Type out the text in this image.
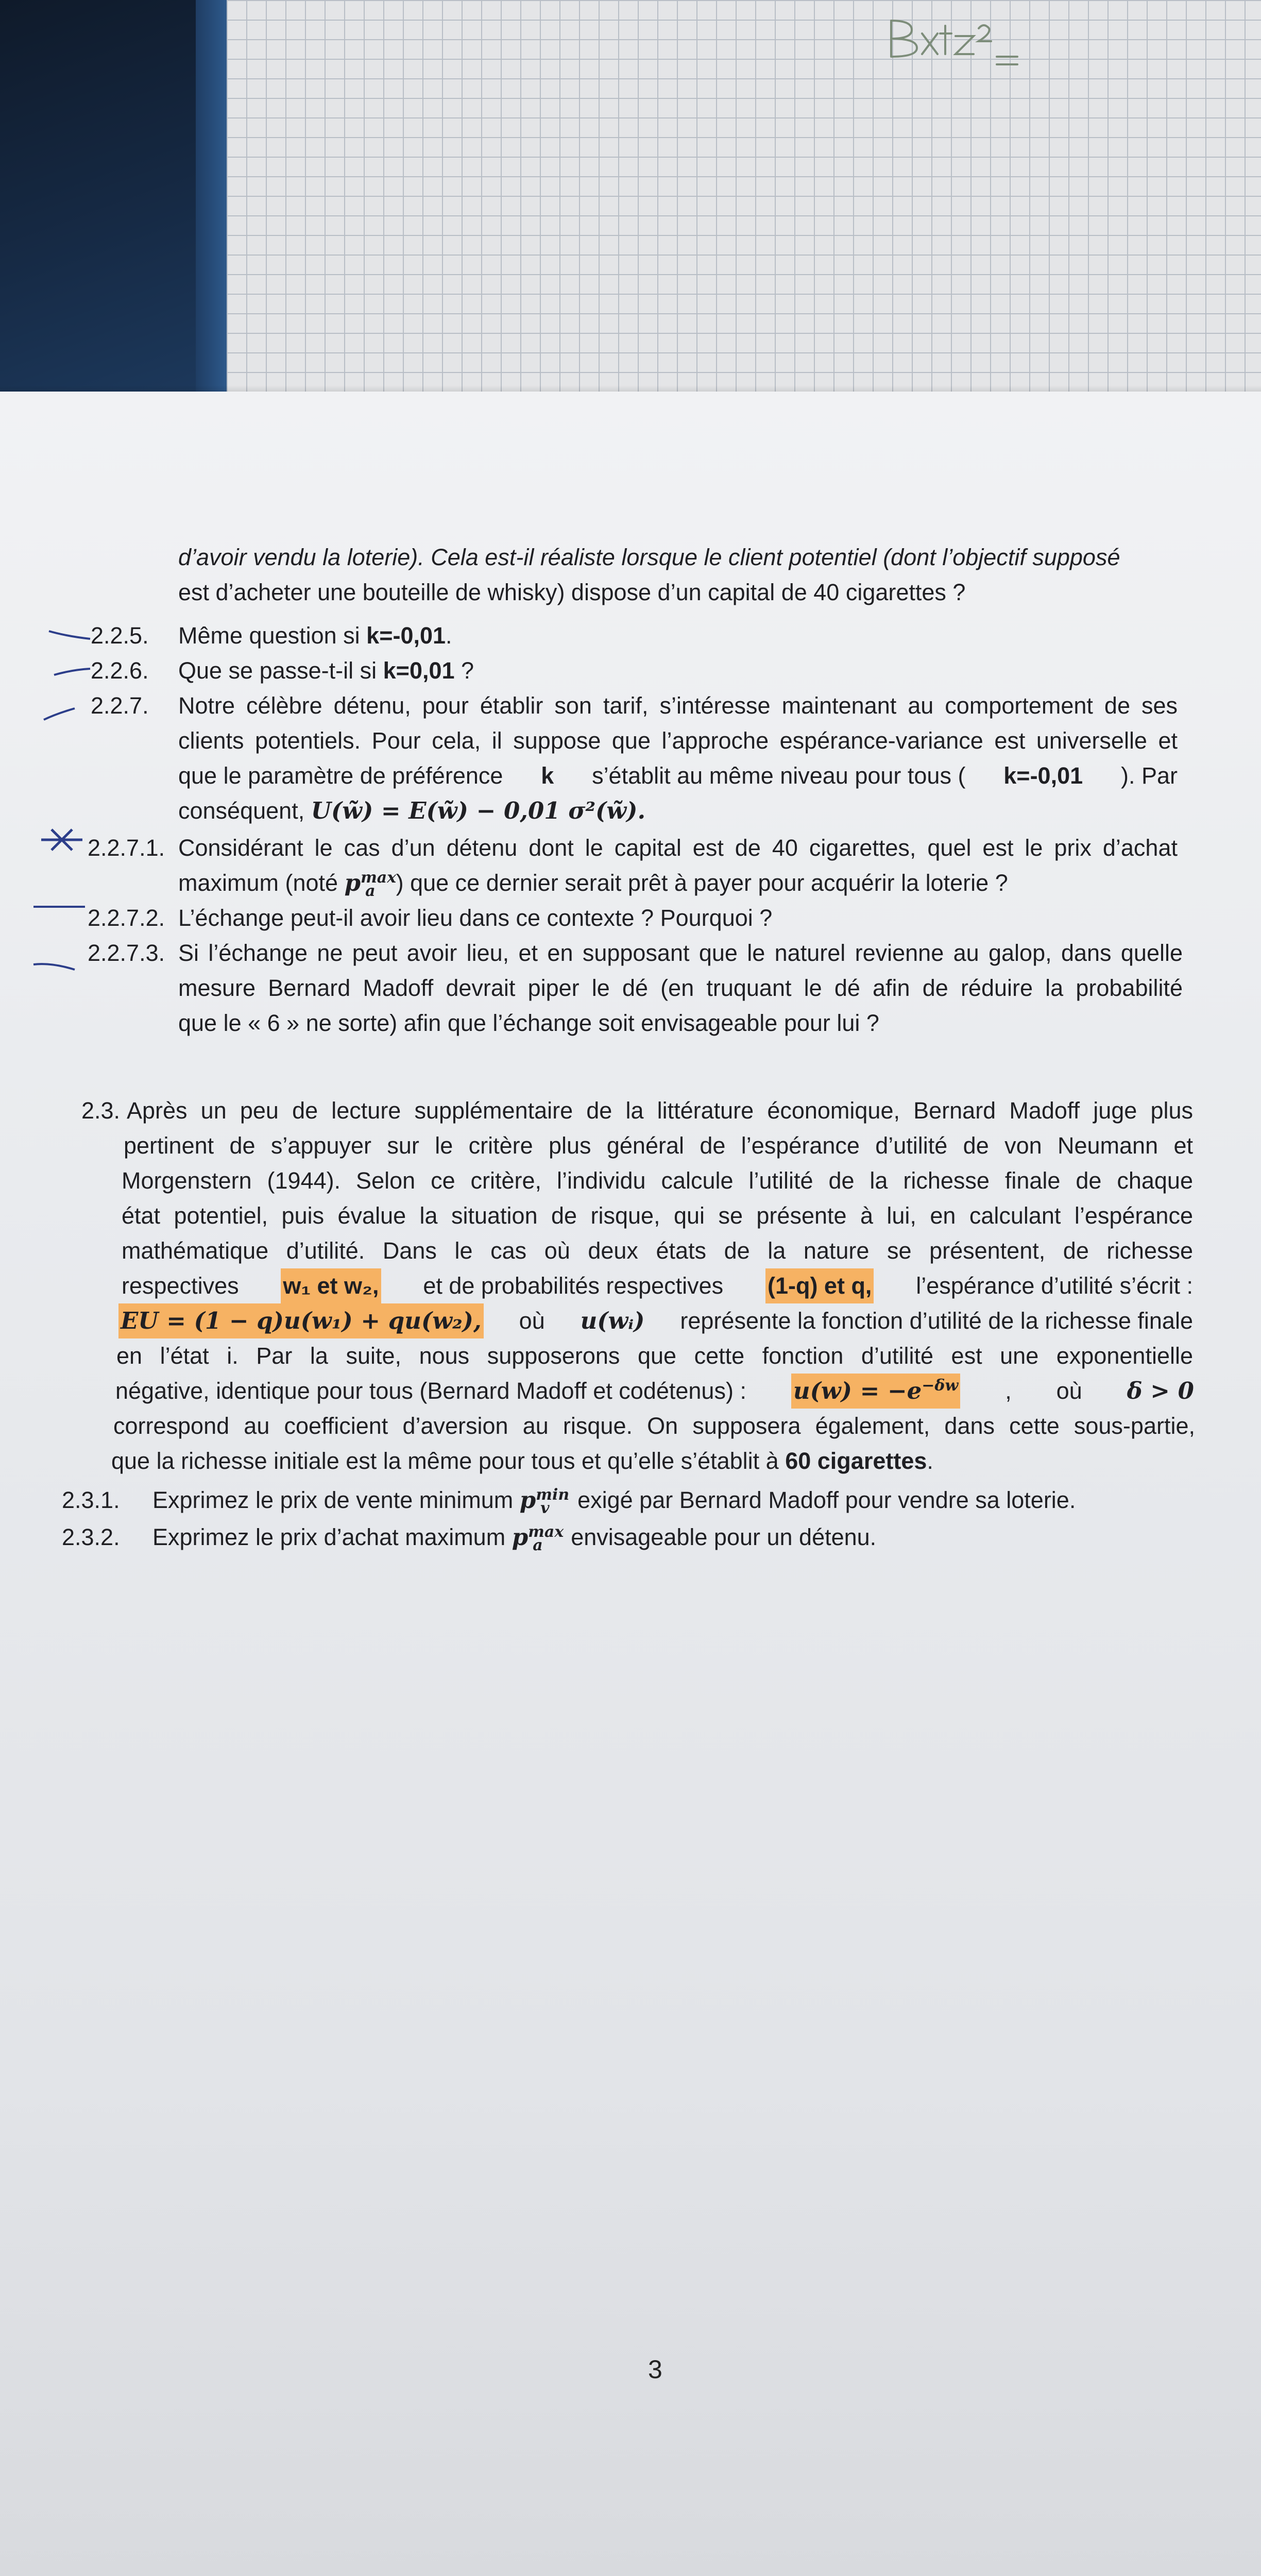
Bxt₅²=T
d’avoir vendu la loterie). Cela est-il réaliste lorsque le client potentiel (dont l’objectif supposé
est d’acheter une bouteille de whisky) dispose d’un capital de 40 cigarettes ?
2.2.5. Même question si k=-0,01.
2.2.6. Que se passe-t-il si k=0,01 ?
2.2.7. Notre célèbre détenu, pour établir son tarif, s’intéresse maintenant au comportement de ses
clients potentiels. Pour cela, il suppose que l’approche espérance-variance est universelle et
que le paramètre de préférence k s’établit au même niveau pour tous ( k=-0,01 ). Par
conséquent, U(w̃) = E(w̃) − 0,01 σ²(w̃).
2.2.7.1. Considérant le cas d’un détenu dont le capital est de 40 cigarettes, quel est le prix d’achat
maximum (noté $p^{max}_a$ ) que ce dernier serait prêt à payer pour acquérir la loterie ?
2.2.7.2. L’échange peut-il avoir lieu dans ce contexte ? Pourquoi ?
2.2.7.3. Si l’échange ne peut avoir lieu, et en supposant que le naturel revienne au galop, dans quelle
mesure Bernard Madoff devrait piper le dé (en truquant le dé afin de réduire la probabilité
que le « 6 » ne sorte) afin que l’échange soit envisageable pour lui ?
2.3. Après un peu de lecture supplémentaire de la littérature économique, Bernard Madoff juge plus
pertinent de s’appuyer sur le critère plus général de l’espérance d’utilité de von Neumann et
Morgenstern (1944). Selon ce critère, l’individu calcule l’utilité de la richesse finale de chaque
état potentiel, puis évalue la situation de risque, qui se présente à lui, en calculant l’espérance
mathématique d’utilité. Dans le cas où deux états de la nature se présentent, de richesse
respectives w₁ et w₂, et de probabilités respectives (1-q) et q, l’espérance d’utilité s’écrit :
EU = (1 − q)u(w₁) + qu(w₂), où u(wᵢ) représente la fonction d’utilité de la richesse finale
en l’état i. Par la suite, nous supposerons que cette fonction d’utilité est une exponentielle
négative, identique pour tous (Bernard Madoff et codétenus) : $u(w) = -e^{-\delta w}$ , où δ > 0
correspond au coefficient d’aversion au risque. On supposera également, dans cette sous-partie,
que la richesse initiale est la même pour tous et qu’elle s’établit à 60 cigarettes.
2.3.1. Exprimez le prix de vente minimum $p^{min}_v$ exigé par Bernard Madoff pour vendre sa loterie.
2.3.2. Exprimez le prix d’achat maximum $p^{max}_a$ envisageable pour un détenu.
3
